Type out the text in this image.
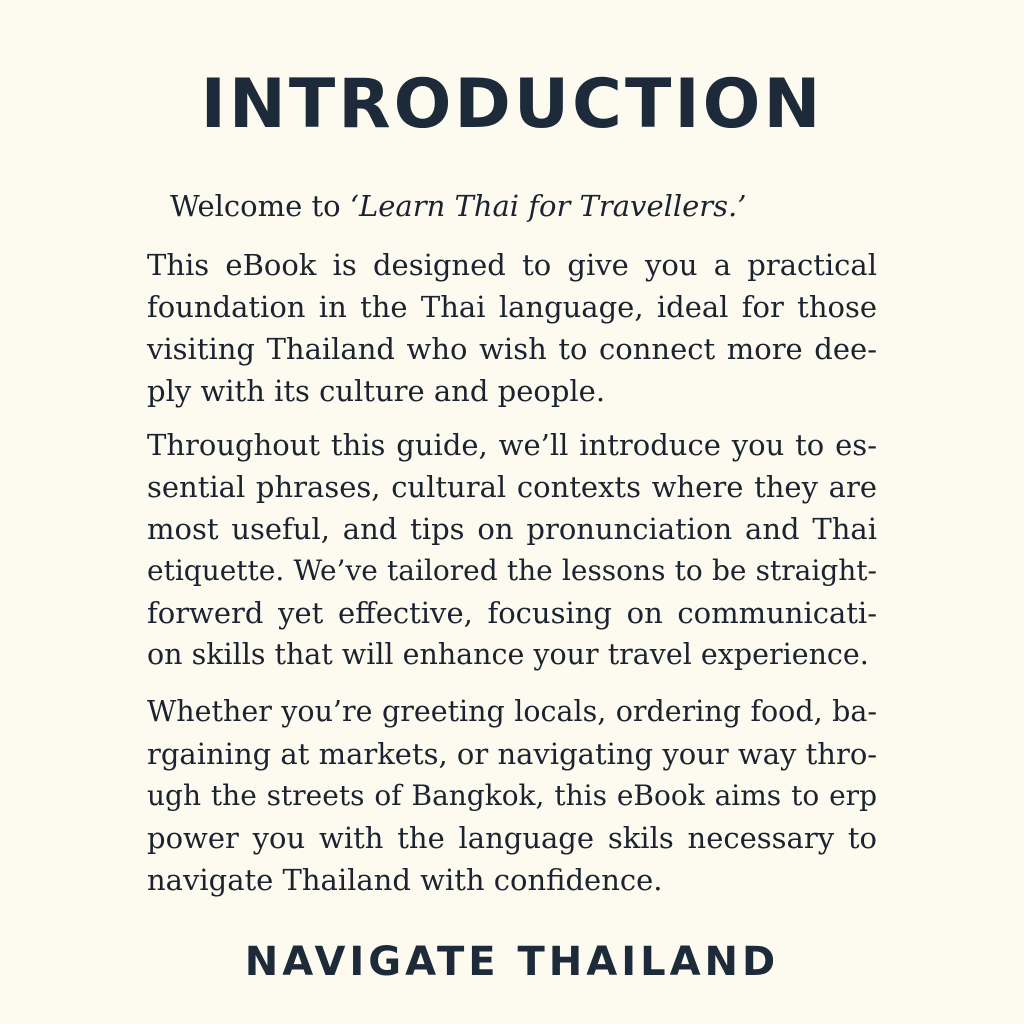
INTRODUCTION

Welcome to ‘Learn Thai for Travellers.’

This eBook is designed to give you a practical
foundation in the Thai language, ideal for those
visiting Thailand who wish to connect more dee-
ply with its culture and people.
Throughout this guide, we’ll introduce you to es-
sential phrases, cultural contexts where they are
most useful, and tips on pronunciation and Thai
etiquette. We’ve tailored the lessons to be straight-
forwerd yet effective, focusing on communicati-
on skills that will enhance your travel experience.
Whether you’re greeting locals, ordering food, ba-
rgaining at markets, or navigating your way thro-
ugh the streets of Bangkok, this eBook aims to erp
power you with the language skils necessary to
navigate Thailand with confidence.
NAVIGATE THAILAND
